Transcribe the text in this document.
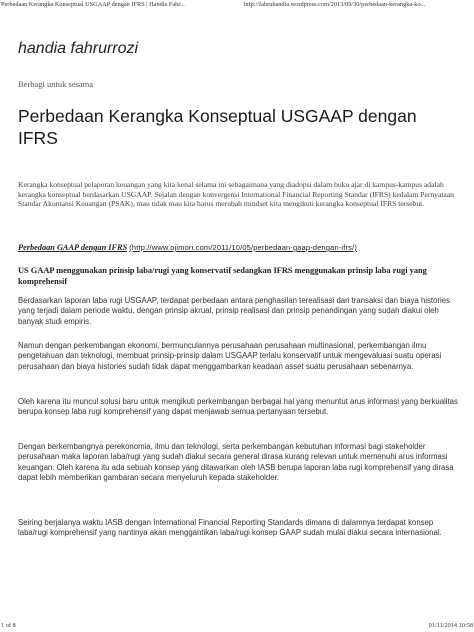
Perbedaan Kerangka Konseptual USGAAP dengan IFRS | Handia Fahr...	http://fahruhandia.wordpress.com/2013/09/30/perbedaan-kerangka-ko...
handia fahrurrozi
Berbagi untuk sesama
Perbedaan Kerangka Konseptual USGAAP dengan IFRS

Kerangka konseptual pelaporan keuangan yang kita kenal selama ini sebagaimana yang diadopsi dalam buku ajar di kampus-kampus adalah kerangka konseptual berdasarkan USGAAP. Sejalan dengan konvergensi International Financial Reporting Standar (IFRS) kedalam Pernyataan Standar Akuntansi Keuangan (PSAK), mau tidak mau kita harus merubah mindset kita mengikuti kerangka konseptual IFRS tersebut.

Perbedaan GAAP dengan IFRS (http://www.ojimori.com/2011/10/05/perbedaan-gaap-dengan-ifrs/)
US GAAP menggunakan prinsip laba/rugi yang konservatif sedangkan IFRS menggunakan prinsip laba rugi yang komprehensif

Berdasarkan laporan laba rugi USGAAP, terdapat perbedaan antara penghasilan terealisasi dari transaksi dan biaya histories yang terjadi dalam periode waktu, dengan prinsip akrual, prinsip realisasi dan prinsip penandingan yang sudah diakui oleh banyak studi empiris.

Namun dengan perkembangan ekonomi, bermunculannya perusahaan perusahaan multinasional, perkembangan ilmu pengetahuan dan teknologi, membuat prinsip-prinsip dalam USGAAP terlalu konservatif untuk mengevaluasi suatu operasi perusahaan dan biaya histories sudah tidak dapat menggambarkan keadaan asset suatu perusahaan sebenarnya.

Oleh karena itu muncul solusi baru untuk mengikuti perkembangan berbagai hal yang menuntut arus informasi yang berkualitas berupa konsep laba rugi komprehensif yang dapat menjawab semua pertanyaan tersebut.

Dengan berkembangnya perekonomia, ilmu dan teknologi, serta perkembangan kebutuhan informasi bagi stakeholder perusahaan maka laporan laba/rugi yang sudah diakui secara general dirasa kurang relevan untuk memenuhi arus informasi keuangan. Oleh karena itu ada sebuah konsep yang ditawarkan oleh IASB berupa laporan laba rugi komprehensif yang dirasa dapat lebih memberikan gambaran secara menyeluruh kepada stakeholder.

Seiring berjalanya waktu IASB dengan International Financial Reporting Standards dimana di dalamnya terdapat konsep laba/rugi komprehensif yang nantinya akan menggantikan laba/rugi konsep GAAP sudah mulai diakui secara internasional.

1 of 8	01/11/2014 10:58
